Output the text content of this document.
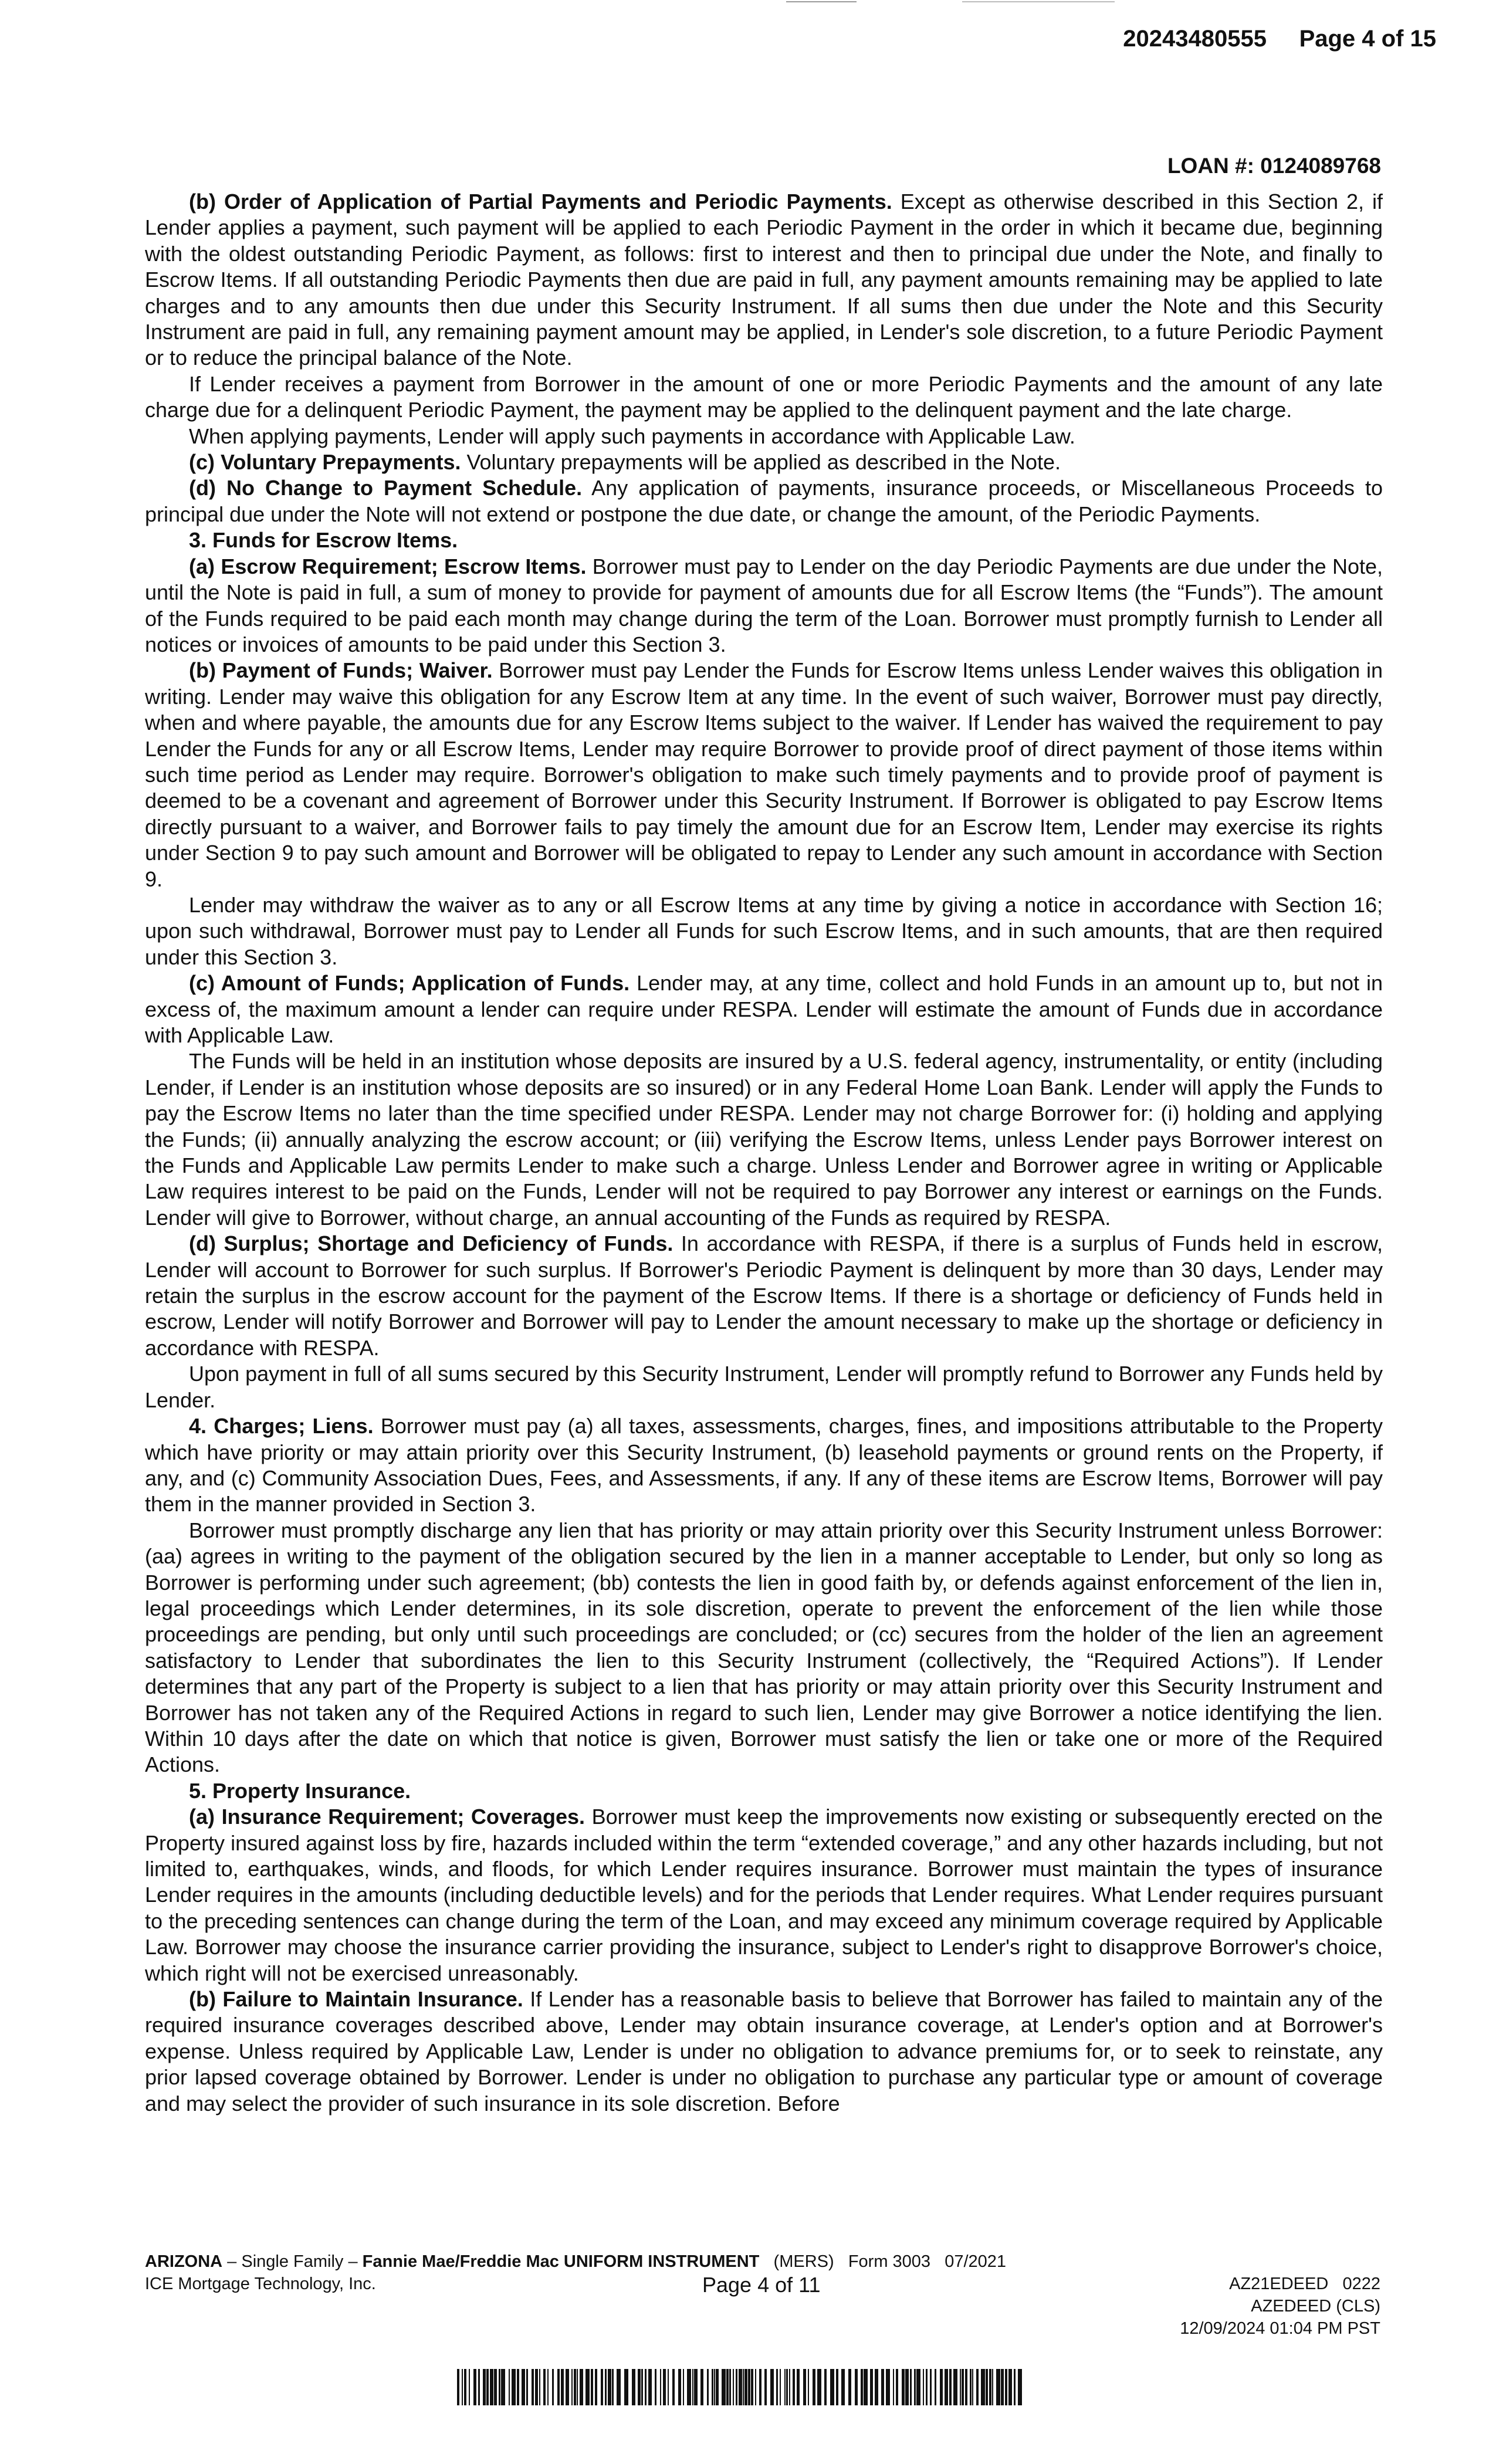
20243480555 Page 4 of 15
LOAN #: 0124089768

(b) Order of Application of Partial Payments and Periodic Payments. Except as otherwise described in this Section 2, if Lender applies a payment, such payment will be applied to each Periodic Payment in the order in which it became due, beginning with the oldest outstanding Periodic Payment, as follows: first to interest and then to principal due under the Note, and finally to Escrow Items. If all outstanding Periodic Payments then due are paid in full, any payment amounts remaining may be applied to late charges and to any amounts then due under this Security Instrument. If all sums then due under the Note and this Security Instrument are paid in full, any remaining payment amount may be applied, in Lender's sole discretion, to a future Periodic Payment or to reduce the principal balance of the Note.

If Lender receives a payment from Borrower in the amount of one or more Periodic Payments and the amount of any late charge due for a delinquent Periodic Payment, the payment may be applied to the delinquent payment and the late charge.

When applying payments, Lender will apply such payments in accordance with Applicable Law.

(c) Voluntary Prepayments. Voluntary prepayments will be applied as described in the Note.

(d) No Change to Payment Schedule. Any application of payments, insurance proceeds, or Miscellaneous Proceeds to principal due under the Note will not extend or postpone the due date, or change the amount, of the Periodic Payments.

3. Funds for Escrow Items.

(a) Escrow Requirement; Escrow Items. Borrower must pay to Lender on the day Periodic Payments are due under the Note, until the Note is paid in full, a sum of money to provide for payment of amounts due for all Escrow Items (the “Funds”). The amount of the Funds required to be paid each month may change during the term of the Loan. Borrower must promptly furnish to Lender all notices or invoices of amounts to be paid under this Section 3.

(b) Payment of Funds; Waiver. Borrower must pay Lender the Funds for Escrow Items unless Lender waives this obligation in writing. Lender may waive this obligation for any Escrow Item at any time. In the event of such waiver, Borrower must pay directly, when and where payable, the amounts due for any Escrow Items subject to the waiver. If Lender has waived the requirement to pay Lender the Funds for any or all Escrow Items, Lender may require Borrower to provide proof of direct payment of those items within such time period as Lender may require. Borrower's obligation to make such timely payments and to provide proof of payment is deemed to be a covenant and agreement of Borrower under this Security Instrument. If Borrower is obligated to pay Escrow Items directly pursuant to a waiver, and Borrower fails to pay timely the amount due for an Escrow Item, Lender may exercise its rights under Section 9 to pay such amount and Borrower will be obligated to repay to Lender any such amount in accordance with Section 9.

Lender may withdraw the waiver as to any or all Escrow Items at any time by giving a notice in accordance with Section 16; upon such withdrawal, Borrower must pay to Lender all Funds for such Escrow Items, and in such amounts, that are then required under this Section 3.

(c) Amount of Funds; Application of Funds. Lender may, at any time, collect and hold Funds in an amount up to, but not in excess of, the maximum amount a lender can require under RESPA. Lender will estimate the amount of Funds due in accordance with Applicable Law.

The Funds will be held in an institution whose deposits are insured by a U.S. federal agency, instrumentality, or entity (including Lender, if Lender is an institution whose deposits are so insured) or in any Federal Home Loan Bank. Lender will apply the Funds to pay the Escrow Items no later than the time specified under RESPA. Lender may not charge Borrower for: (i) holding and applying the Funds; (ii) annually analyzing the escrow account; or (iii) verifying the Escrow Items, unless Lender pays Borrower interest on the Funds and Applicable Law permits Lender to make such a charge. Unless Lender and Borrower agree in writing or Applicable Law requires interest to be paid on the Funds, Lender will not be required to pay Borrower any interest or earnings on the Funds. Lender will give to Borrower, without charge, an annual accounting of the Funds as required by RESPA.

(d) Surplus; Shortage and Deficiency of Funds. In accordance with RESPA, if there is a surplus of Funds held in escrow, Lender will account to Borrower for such surplus. If Borrower's Periodic Payment is delinquent by more than 30 days, Lender may retain the surplus in the escrow account for the payment of the Escrow Items. If there is a shortage or deficiency of Funds held in escrow, Lender will notify Borrower and Borrower will pay to Lender the amount necessary to make up the shortage or deficiency in accordance with RESPA.

Upon payment in full of all sums secured by this Security Instrument, Lender will promptly refund to Borrower any Funds held by Lender.

4. Charges; Liens. Borrower must pay (a) all taxes, assessments, charges, fines, and impositions attributable to the Property which have priority or may attain priority over this Security Instrument, (b) leasehold payments or ground rents on the Property, if any, and (c) Community Association Dues, Fees, and Assessments, if any. If any of these items are Escrow Items, Borrower will pay them in the manner provided in Section 3.

Borrower must promptly discharge any lien that has priority or may attain priority over this Security Instrument unless Borrower: (aa) agrees in writing to the payment of the obligation secured by the lien in a manner acceptable to Lender, but only so long as Borrower is performing under such agreement; (bb) contests the lien in good faith by, or defends against enforcement of the lien in, legal proceedings which Lender determines, in its sole discretion, operate to prevent the enforcement of the lien while those proceedings are pending, but only until such proceedings are concluded; or (cc) secures from the holder of the lien an agreement satisfactory to Lender that subordinates the lien to this Security Instrument (collectively, the “Required Actions”). If Lender determines that any part of the Property is subject to a lien that has priority or may attain priority over this Security Instrument and Borrower has not taken any of the Required Actions in regard to such lien, Lender may give Borrower a notice identifying the lien. Within 10 days after the date on which that notice is given, Borrower must satisfy the lien or take one or more of the Required Actions.

5. Property Insurance.

(a) Insurance Requirement; Coverages. Borrower must keep the improvements now existing or subsequently erected on the Property insured against loss by fire, hazards included within the term “extended coverage,” and any other hazards including, but not limited to, earthquakes, winds, and floods, for which Lender requires insurance. Borrower must maintain the types of insurance Lender requires in the amounts (including deductible levels) and for the periods that Lender requires. What Lender requires pursuant to the preceding sentences can change during the term of the Loan, and may exceed any minimum coverage required by Applicable Law. Borrower may choose the insurance carrier providing the insurance, subject to Lender's right to disapprove Borrower's choice, which right will not be exercised unreasonably.

(b) Failure to Maintain Insurance. If Lender has a reasonable basis to believe that Borrower has failed to maintain any of the required insurance coverages described above, Lender may obtain insurance coverage, at Lender's option and at Borrower's expense. Unless required by Applicable Law, Lender is under no obligation to advance premiums for, or to seek to reinstate, any prior lapsed coverage obtained by Borrower. Lender is under no obligation to purchase any particular type or amount of coverage and may select the provider of such insurance in its sole discretion. Before

ARIZONA – Single Family – Fannie Mae/Freddie Mac UNIFORM INSTRUMENT   (MERS)   Form 3003   07/2021
ICE Mortgage Technology, Inc.	Page 4 of 11	AZ21EDEED   0222
AZEDEED (CLS)
12/09/2024 01:04 PM PST
